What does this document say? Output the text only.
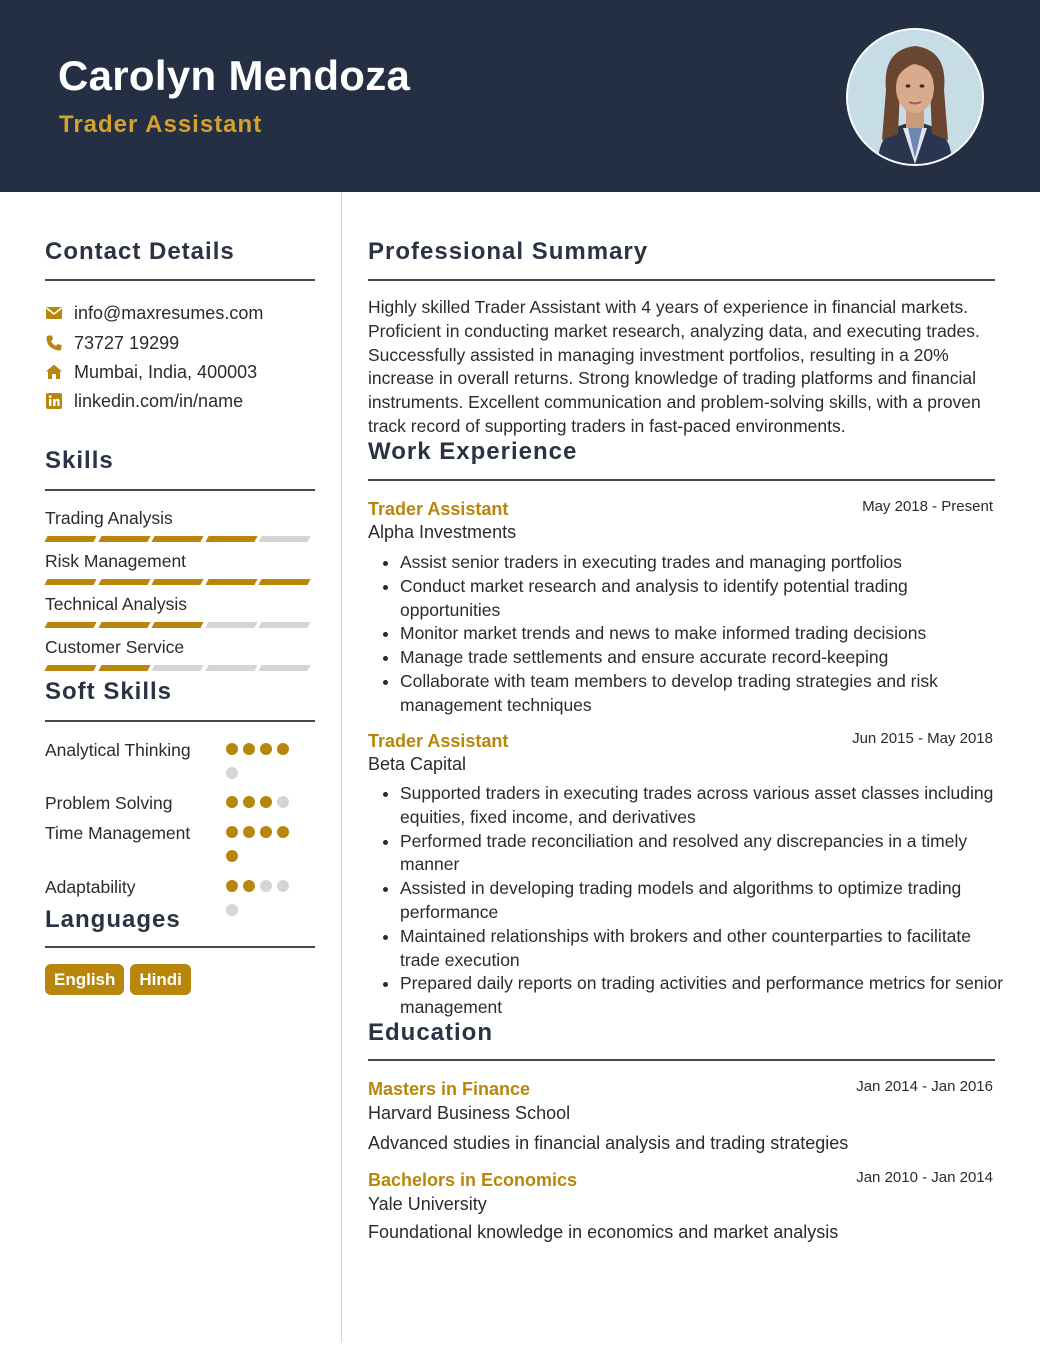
Carolyn Mendoza
Trader Assistant
Contact Details
info@maxresumes.com
73727 19299
Mumbai, India, 400003
linkedin.com/in/name
Skills
Trading Analysis
Risk Management
Technical Analysis
Customer Service
Soft Skills
Analytical Thinking
Problem Solving
Time Management
Adaptability
Languages
English	Hindi
Professional Summary
Highly skilled Trader Assistant with 4 years of experience in financial markets. Proficient in conducting market research, analyzing data, and executing trades. Successfully assisted in managing investment portfolios, resulting in a 20% increase in overall returns. Strong knowledge of trading platforms and financial instruments. Excellent communication and problem-solving skills, with a proven track record of supporting traders in fast-paced environments.
Work Experience
Trader Assistant	May 2018 - Present
Alpha Investments
• Assist senior traders in executing trades and managing portfolios
• Conduct market research and analysis to identify potential trading opportunities
• Monitor market trends and news to make informed trading decisions
• Manage trade settlements and ensure accurate record-keeping
• Collaborate with team members to develop trading strategies and risk management techniques
Trader Assistant	Jun 2015 - May 2018
Beta Capital
• Supported traders in executing trades across various asset classes including equities, fixed income, and derivatives
• Performed trade reconciliation and resolved any discrepancies in a timely manner
• Assisted in developing trading models and algorithms to optimize trading performance
• Maintained relationships with brokers and other counterparties to facilitate trade execution
• Prepared daily reports on trading activities and performance metrics for senior management
Education
Masters in Finance	Jan 2014 - Jan 2016
Harvard Business School
Advanced studies in financial analysis and trading strategies
Bachelors in Economics	Jan 2010 - Jan 2014
Yale University
Foundational knowledge in economics and market analysis
